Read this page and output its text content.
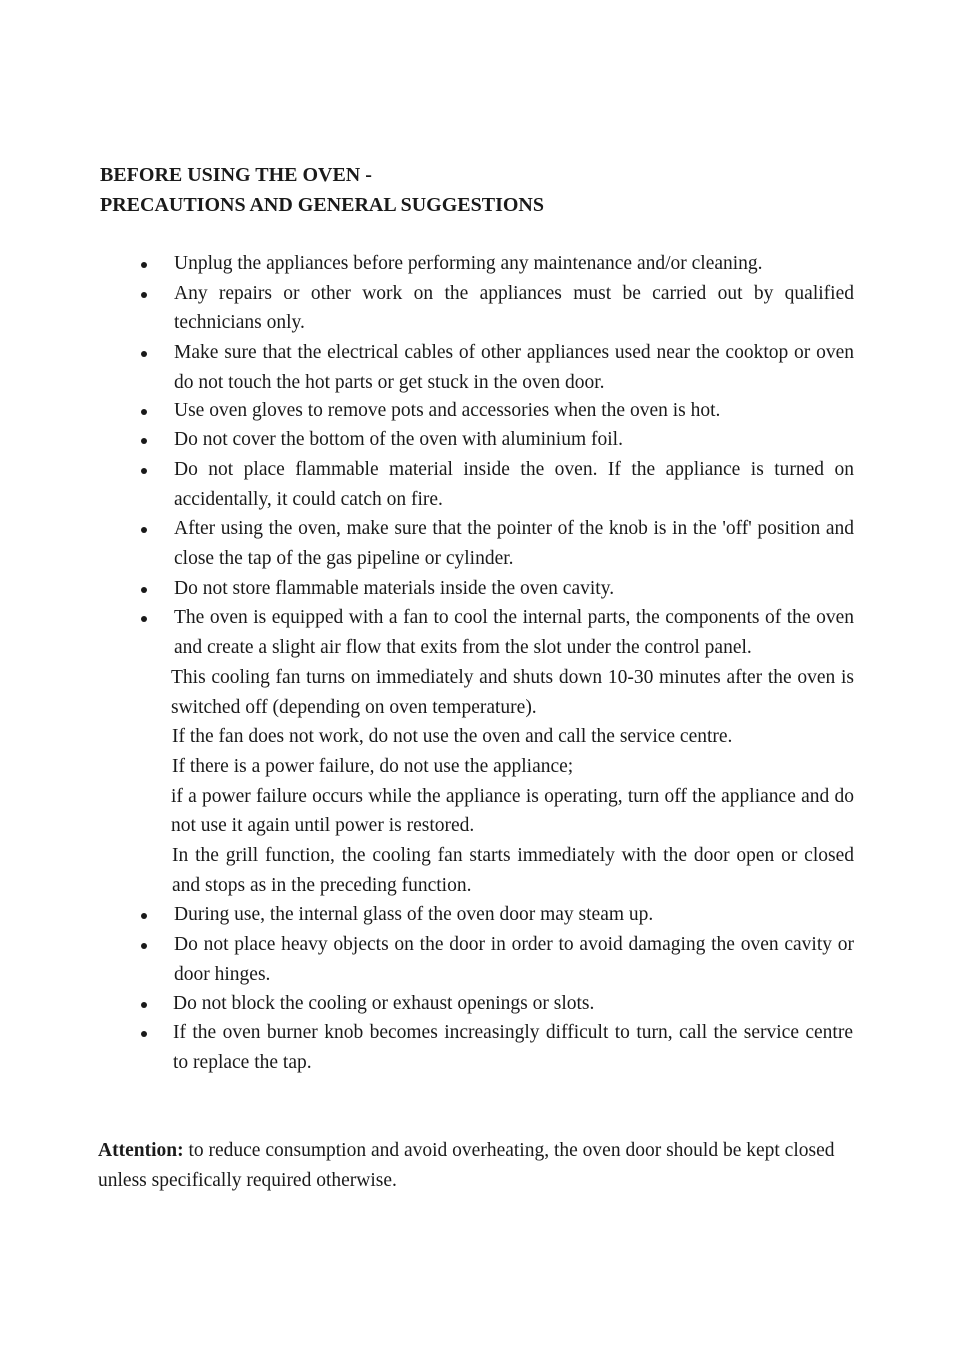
BEFORE USING THE OVEN -
PRECAUTIONS AND GENERAL SUGGESTIONS
Unplug the appliances before performing any maintenance and/or cleaning.
Any repairs or other work on the appliances must be carried out by qualified technicians only.
Make sure that the electrical cables of other appliances used near the cooktop or oven do not touch the hot parts or get stuck in the oven door.
Use oven gloves to remove pots and accessories when the oven is hot.
Do not cover the bottom of the oven with aluminium foil.
Do not place flammable material inside the oven. If the appliance is turned on accidentally, it could catch on fire.
After using the oven, make sure that the pointer of the knob is in the 'off' position and close the tap of the gas pipeline or cylinder.
Do not store flammable materials inside the oven cavity.
The oven is equipped with a fan to cool the internal parts, the components of the oven and create a slight air flow that exits from the slot under the control panel.
This cooling fan turns on immediately and shuts down 10-30 minutes after the oven is switched off (depending on oven temperature).
If the fan does not work, do not use the oven and call the service centre.
If there is a power failure, do not use the appliance;
if a power failure occurs while the appliance is operating, turn off the appliance and do not use it again until power is restored.
In the grill function, the cooling fan starts immediately with the door open or closed and stops as in the preceding function.
During use, the internal glass of the oven door may steam up.
Do not place heavy objects on the door in order to avoid damaging the oven cavity or door hinges.
Do not block the cooling or exhaust openings or slots.
If the oven burner knob becomes increasingly difficult to turn, call the service centre to replace the tap.
Attention: to reduce consumption and avoid overheating, the oven door should be kept closed unless specifically required otherwise.
